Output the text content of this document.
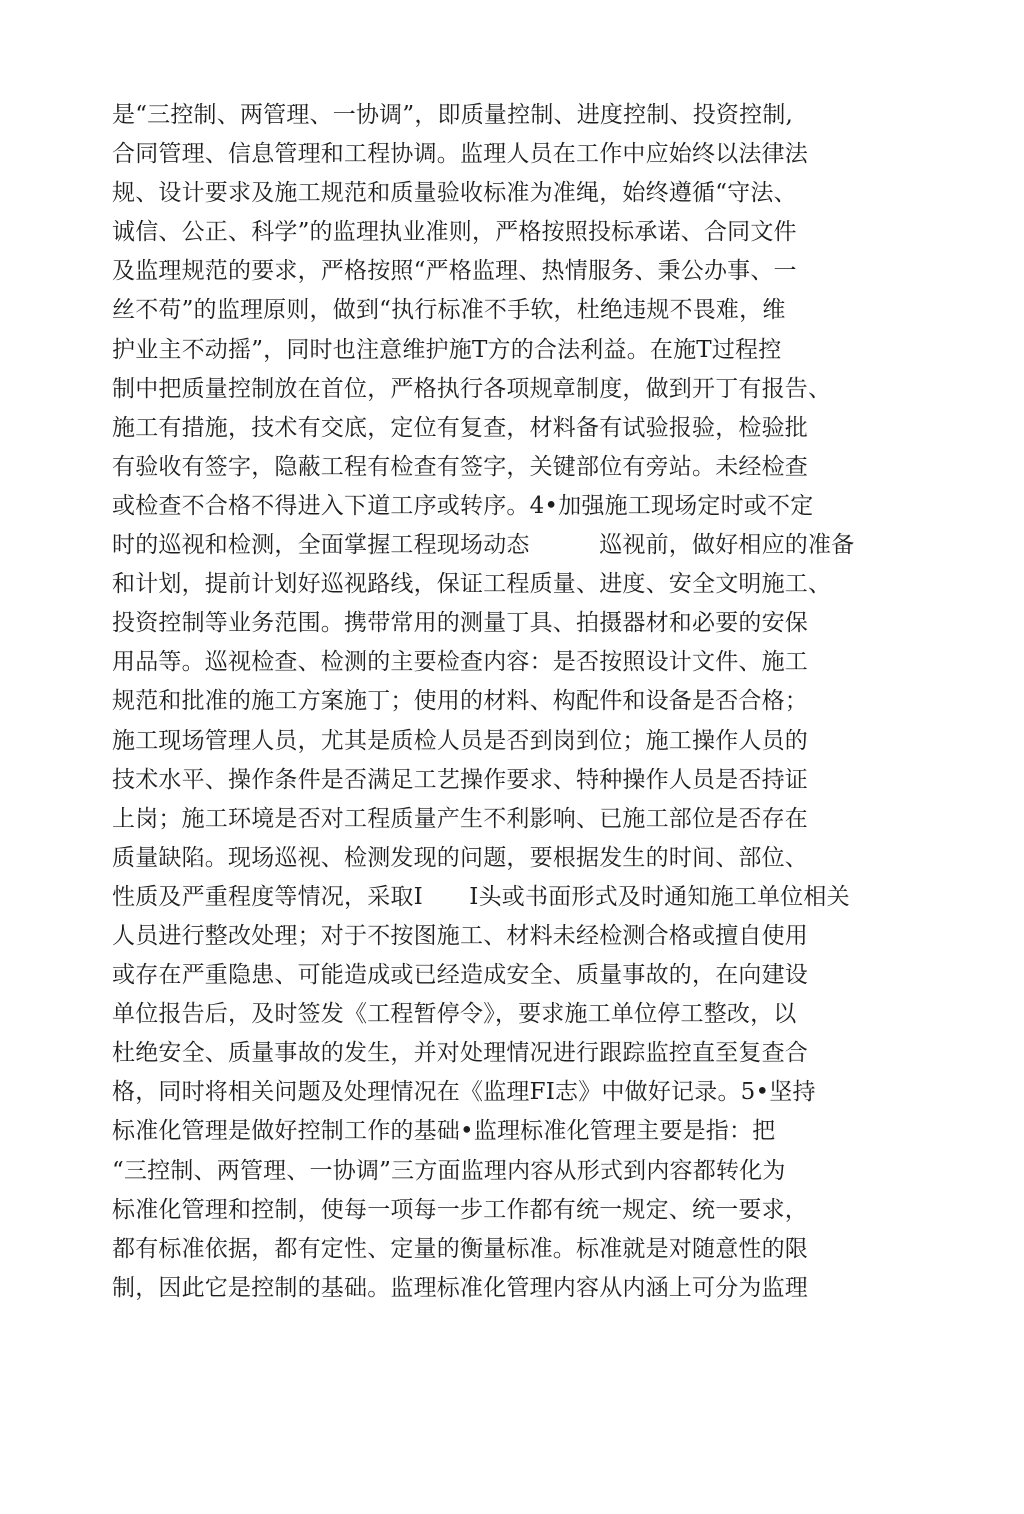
是“三控制、两管理、一协调”，即质量控制、进度控制、投资控制,
合同管理、信息管理和工程协调。监理人员在工作中应始终以法律法
规、设计要求及施工规范和质量验收标准为准绳，始终遵循“守法、
诚信、公正、科学”的监理执业准则，严格按照投标承诺、合同文件
及监理规范的要求，严格按照“严格监理、热情服务、秉公办事、一
丝不苟”的监理原则，做到“执行标准不手软，杜绝违规不畏难，维
护业主不动摇”，同时也注意维护施T方的合法利益。在施T过程控
制中把质量控制放在首位，严格执行各项规章制度，做到开丁有报告、
施工有措施，技术有交底，定位有复查，材料备有试验报验，检验批
有验收有签字，隐蔽工程有检查有签字，关键部位有旁站。未经检查
或检查不合格不得进入下道工序或转序。4•加强施工现场定时或不定
时的巡视和检测，全面掌握工程现场动态　　　巡视前，做好相应的准备
和计划，提前计划好巡视路线，保证工程质量、进度、安全文明施工、
投资控制等业务范围。携带常用的测量丁具、拍摄器材和必要的安保
用品等。巡视检查、检测的主要检查内容：是否按照设计文件、施工
规范和批准的施工方案施丁；使用的材料、构配件和设备是否合格；
施工现场管理人员，尤其是质检人员是否到岗到位；施工操作人员的
技术水平、操作条件是否满足工艺操作要求、特种操作人员是否持证
上岗；施工环境是否对工程质量产生不利影响、已施工部位是否存在
质量缺陷。现场巡视、检测发现的问题，要根据发生的时间、部位、
性质及严重程度等情况，采取I　　I头或书面形式及时通知施工单位相关
人员进行整改处理；对于不按图施工、材料未经检测合格或擅自使用
或存在严重隐患、可能造成或已经造成安全、质量事故的，在向建设
单位报告后，及时签发《工程暂停令》，要求施工单位停工整改，以
杜绝安全、质量事故的发生，并对处理情况进行跟踪监控直至复查合
格，同时将相关问题及处理情况在《监理FI志》中做好记录。5•坚持
标准化管理是做好控制工作的基础•监理标准化管理主要是指：把
“三控制、两管理、一协调”三方面监理内容从形式到内容都转化为
标准化管理和控制，使每一项每一步工作都有统一规定、统一要求，
都有标准依据，都有定性、定量的衡量标准。标准就是对随意性的限
制，因此它是控制的基础。监理标准化管理内容从内涵上可分为监理
